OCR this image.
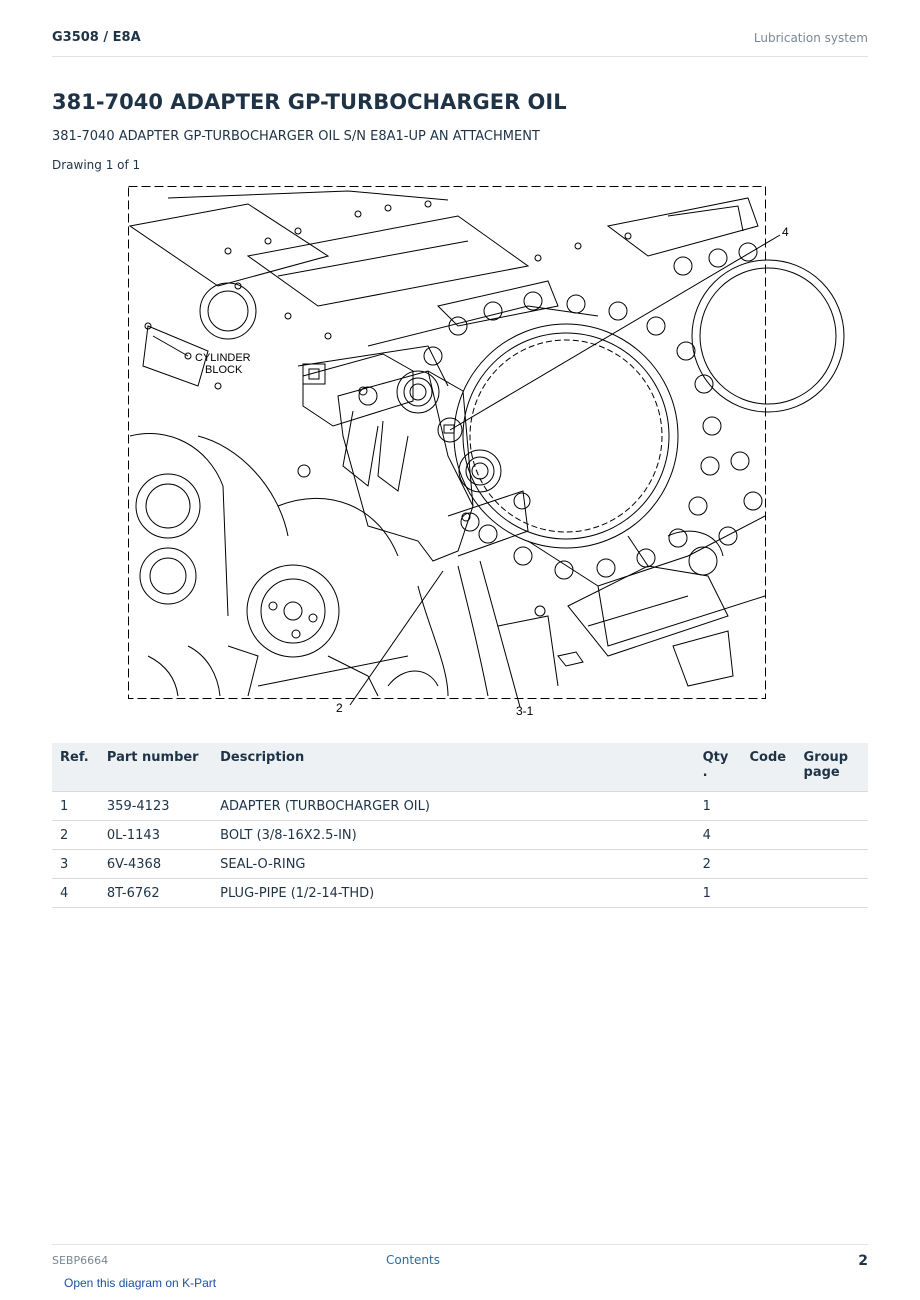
G3508 / E8A	Lubrication system
381-7040 ADAPTER GP-TURBOCHARGER OIL
381-7040 ADAPTER GP-TURBOCHARGER OIL S/N E8A1-UP AN ATTACHMENT
Drawing 1 of 1
CYLINDER
BLOCK
4
2	3-1
Ref.	Part number	Description	Qty .	Code	Group page
1	359-4123	ADAPTER (TURBOCHARGER OIL)	1		
2	0L-1143	BOLT (3/8-16X2.5-IN)	4		
3	6V-4368	SEAL-O-RING	2		
4	8T-6762	PLUG-PIPE (1/2-14-THD)	1		
SEBP6664	Contents	2
Open this diagram on K-Part
